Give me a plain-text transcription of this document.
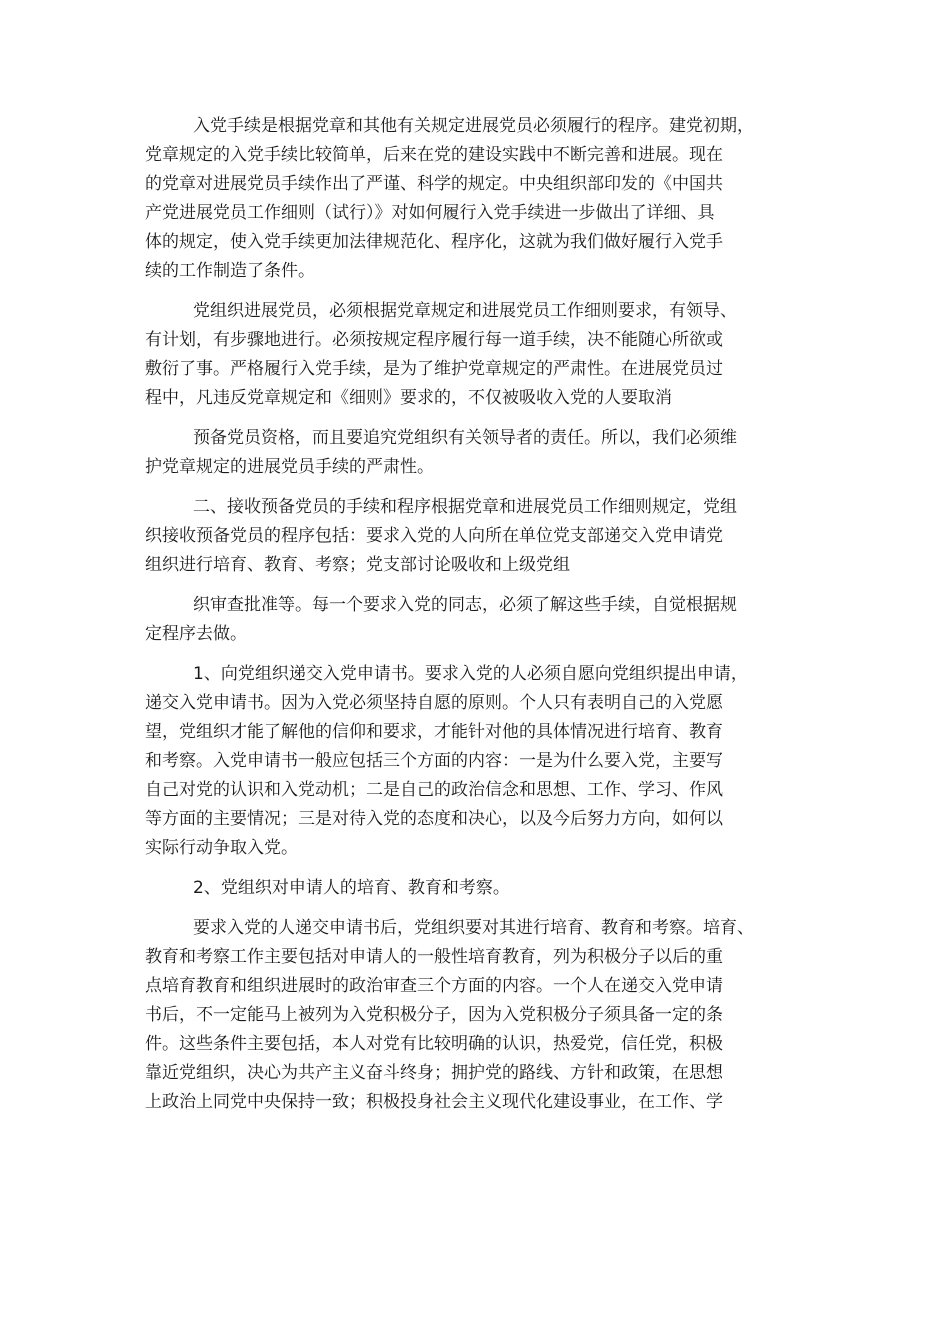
入党手续是根据党章和其他有关规定进展党员必须履行的程序。建党初期，
党章规定的入党手续比较简单，后来在党的建设实践中不断完善和进展。现在
的党章对进展党员手续作出了严谨、科学的规定。中央组织部印发的《中国共
产党进展党员工作细则（试行）》对如何履行入党手续进一步做出了详细、具
体的规定，使入党手续更加法律规范化、程序化，这就为我们做好履行入党手
续的工作制造了条件。
党组织进展党员，必须根据党章规定和进展党员工作细则要求，有领导、
有计划，有步骤地进行。必须按规定程序履行每一道手续，决不能随心所欲或
敷衍了事。严格履行入党手续，是为了维护党章规定的严肃性。在进展党员过
程中，凡违反党章规定和《细则》要求的，不仅被吸收入党的人要取消
预备党员资格，而且要追究党组织有关领导者的责任。所以，我们必须维
护党章规定的进展党员手续的严肃性。
二、接收预备党员的手续和程序根据党章和进展党员工作细则规定，党组
织接收预备党员的程序包括：要求入党的人向所在单位党支部递交入党申请党
组织进行培育、教育、考察；党支部讨论吸收和上级党组
织审查批准等。每一个要求入党的同志，必须了解这些手续，自觉根据规
定程序去做。
1、向党组织递交入党申请书。要求入党的人必须自愿向党组织提出申请，
递交入党申请书。因为入党必须坚持自愿的原则。个人只有表明自己的入党愿
望，党组织才能了解他的信仰和要求，才能针对他的具体情况进行培育、教育
和考察。入党申请书一般应包括三个方面的内容：一是为什么要入党，主要写
自己对党的认识和入党动机；二是自己的政治信念和思想、工作、学习、作风
等方面的主要情况；三是对待入党的态度和决心，以及今后努力方向，如何以
实际行动争取入党。
2、党组织对申请人的培育、教育和考察。
要求入党的人递交申请书后，党组织要对其进行培育、教育和考察。培育、
教育和考察工作主要包括对申请人的一般性培育教育，列为积极分子以后的重
点培育教育和组织进展时的政治审查三个方面的内容。一个人在递交入党申请
书后，不一定能马上被列为入党积极分子，因为入党积极分子须具备一定的条
件。这些条件主要包括，本人对党有比较明确的认识，热爱党，信任党，积极
靠近党组织，决心为共产主义奋斗终身；拥护党的路线、方针和政策，在思想
上政治上同党中央保持一致；积极投身社会主义现代化建设事业，在工作、学
